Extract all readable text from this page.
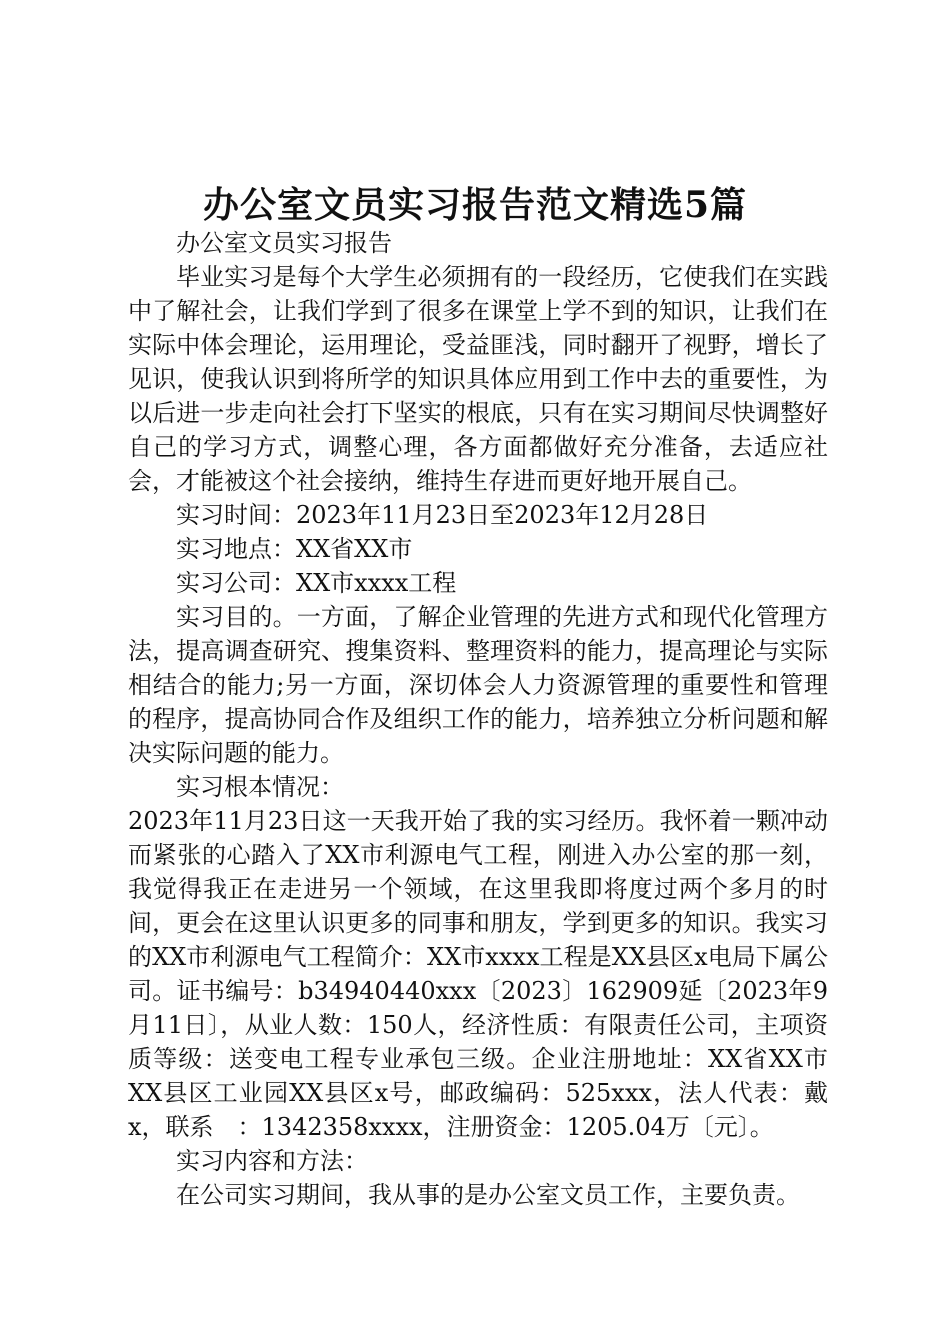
办公室文员实习报告范文精选5篇

办公室文员实习报告

毕业实习是每个大学生必须拥有的一段经历，它使我们在实践中了解社会，让我们学到了很多在课堂上学不到的知识，让我们在实际中体会理论，运用理论，受益匪浅，同时翻开了视野，增长了见识，使我认识到将所学的知识具体应用到工作中去的重要性，为以后进一步走向社会打下坚实的根底，只有在实习期间尽快调整好自己的学习方式，调整心理，各方面都做好充分准备，去适应社会，才能被这个社会接纳，维持生存进而更好地开展自己。

实习时间：2023年11月23日至2023年12月28日

实习地点：XX省XX市

实习公司：XX市xxxx工程

实习目的。一方面，了解企业管理的先进方式和现代化管理方法，提高调查研究、搜集资料、整理资料的能力，提高理论与实际相结合的能力;另一方面，深切体会人力资源管理的重要性和管理的程序，提高协同合作及组织工作的能力，培养独立分析问题和解决实际问题的能力。

实习根本情况：

2023年11月23日这一天我开始了我的实习经历。我怀着一颗冲动而紧张的心踏入了XX市利源电气工程，刚进入办公室的那一刻，我觉得我正在走进另一个领域，在这里我即将度过两个多月的时间，更会在这里认识更多的同事和朋友，学到更多的知识。我实习的XX市利源电气工程简介：XX市xxxx工程是XX县区x电局下属公司。证书编号：b34940440xxx〔2023〕162909延〔2023年9月11日〕，从业人数：150人，经济性质：有限责任公司，主项资质等级：送变电工程专业承包三级。企业注册地址：XX省XX市XX县区工业园XX县区x号，邮政编码：525xxx，法人代表：戴x，联系　：1342358xxxx，注册资金：1205.04万〔元〕。

实习内容和方法：

在公司实习期间，我从事的是办公室文员工作，主要负责。
